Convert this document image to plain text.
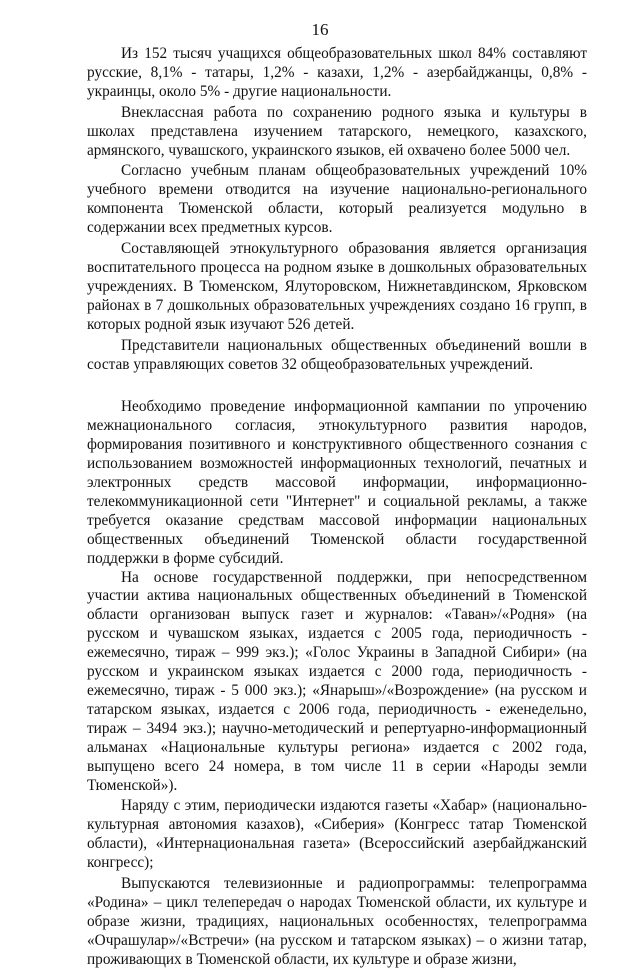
16

Из 152 тысяч учащихся общеобразовательных школ 84% составляют русские, 8,1% - татары, 1,2% - казахи, 1,2% - азербайджанцы, 0,8% - украинцы, около 5% - другие национальности.

Внеклассная работа по сохранению родного языка и культуры в школах представлена изучением татарского, немецкого, казахского, армянского, чувашского, украинского языков, ей охвачено более 5000 чел.

Согласно учебным планам общеобразовательных учреждений 10% учебного времени отводится на изучение национально-регионального компонента Тюменской области, который реализуется модульно в содержании всех предметных курсов.

Составляющей этнокультурного образования является организация воспитательного процесса на родном языке в дошкольных образовательных учреждениях. В Тюменском, Ялуторовском, Нижнетавдинском, Ярковском районах в 7 дошкольных образовательных учреждениях создано 16 групп, в которых родной язык изучают 526 детей.

Представители национальных общественных объединений вошли в состав управляющих советов 32 общеобразовательных учреждений.

Необходимо проведение информационной кампании по упрочению межнационального согласия, этнокультурного развития народов, формирования позитивного и конструктивного общественного сознания с использованием возможностей информационных технологий, печатных и электронных средств массовой информации, информационно-телекоммуникационной сети "Интернет" и социальной рекламы, а также требуется оказание средствам массовой информации национальных общественных объединений Тюменской области государственной поддержки в форме субсидий.

На основе государственной поддержки, при непосредственном участии актива национальных общественных объединений в Тюменской области организован выпуск газет и журналов: «Таван»/«Родня» (на русском и чувашском языках, издается с 2005 года, периодичность - ежемесячно, тираж – 999 экз.); «Голос Украины в Западной Сибири» (на русском и украинском языках издается с 2000 года, периодичность - ежемесячно, тираж - 5 000 экз.); «Янарыш»/«Возрождение» (на русском и татарском языках, издается с 2006 года, периодичность - еженедельно, тираж – 3494 экз.); научно-методический и репертуарно-информационный альманах «Национальные культуры региона» издается с 2002 года, выпущено всего 24 номера, в том числе 11 в серии «Народы земли Тюменской»).

Наряду с этим, периодически издаются газеты «Хабар» (национально-культурная автономия казахов), «Сиберия» (Конгресс татар Тюменской области), «Интернациональная газета» (Всероссийский азербайджанский конгресс);

Выпускаются телевизионные и радиопрограммы: телепрограмма «Родина» – цикл телепередач о народах Тюменской области, их культуре и образе жизни, традициях, национальных особенностях, телепрограмма «Очрашулар»/«Встречи» (на русском и татарском языках) – о жизни татар, проживающих в Тюменской области, их культуре и образе жизни,
